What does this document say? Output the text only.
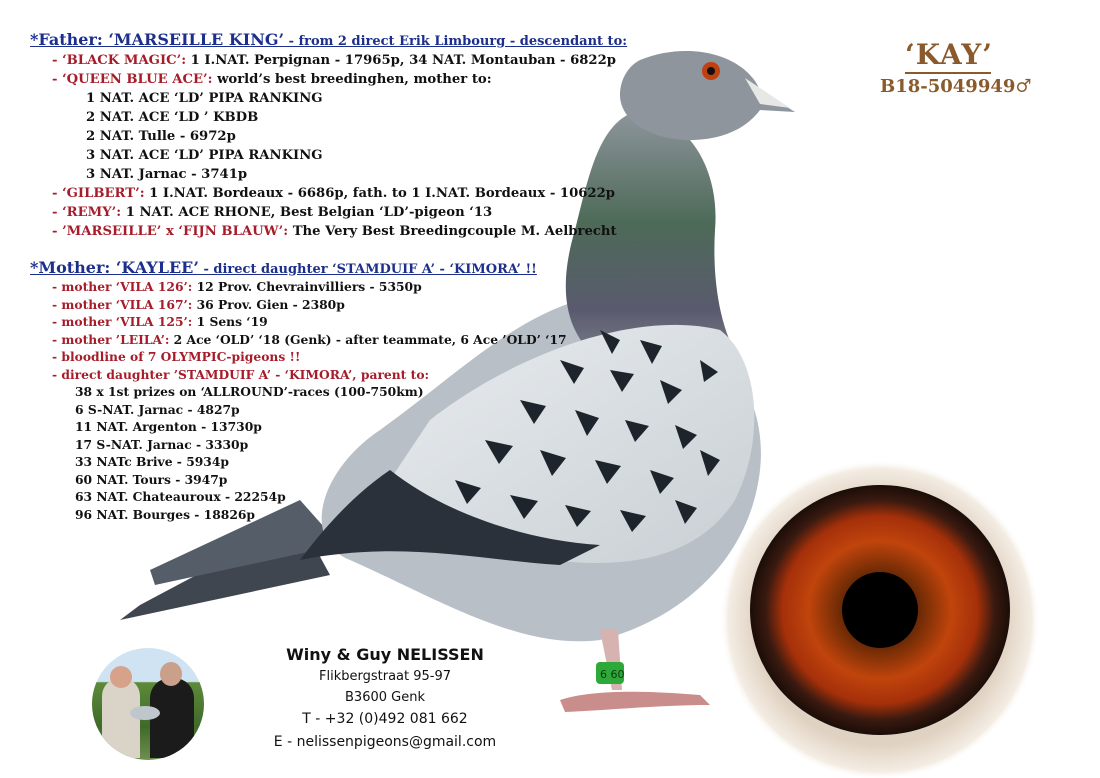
6 60
‘KAY’
B18-5049949♂
*Father: ‘MARSEILLE KING’ - from 2 direct Erik Limbourg - descendant to:
- ‘BLACK MAGIC’: 1 I.NAT. Perpignan - 17965p, 34 NAT. Montauban - 6822p
- ‘QUEEN BLUE ACE’: world’s best breedinghen, mother to:
1 NAT. ACE ‘LD’ PIPA RANKING
2 NAT. ACE ‘LD ’ KBDB
2 NAT. Tulle - 6972p
3 NAT. ACE ‘LD’ PIPA RANKING
3 NAT. Jarnac - 3741p
- ‘GILBERT’: 1 I.NAT. Bordeaux - 6686p, fath. to 1 I.NAT. Bordeaux - 10622p
- ‘REMY’: 1 NAT. ACE RHONE, Best Belgian ‘LD’-pigeon ‘13
- ’MARSEILLE’ x ‘FIJN BLAUW’: The Very Best Breedingcouple M. Aelbrecht
*Mother: ‘KAYLEE’ - direct daughter ‘STAMDUIF A’ - ‘KIMORA’ !!
- mother ‘VILA 126’: 12 Prov. Chevrainvilliers - 5350p
- mother ‘VILA 167’: 36 Prov. Gien - 2380p
- mother ‘VILA 125’: 1 Sens ‘19
- mother ’LEILA’: 2 Ace ‘OLD’ ‘18 (Genk) - after teammate, 6 Ace ’OLD’ ‘17
- bloodline of 7 OLYMPIC-pigeons !!
- direct daughter ’STAMDUIF A’ - ‘KIMORA’, parent to:
38 x 1st prizes on ‘ALLROUND’-races (100-750km)
6 S-NAT. Jarnac - 4827p
11 NAT. Argenton - 13730p
17 S-NAT. Jarnac - 3330p
33 NATc Brive - 5934p
60 NAT. Tours - 3947p
63 NAT. Chateauroux - 22254p
96 NAT. Bourges - 18826p
Winy & Guy NELISSEN
Flikbergstraat 95-97
B3600 Genk
T - +32 (0)492 081 662
E - nelissenpigeons@gmail.com
